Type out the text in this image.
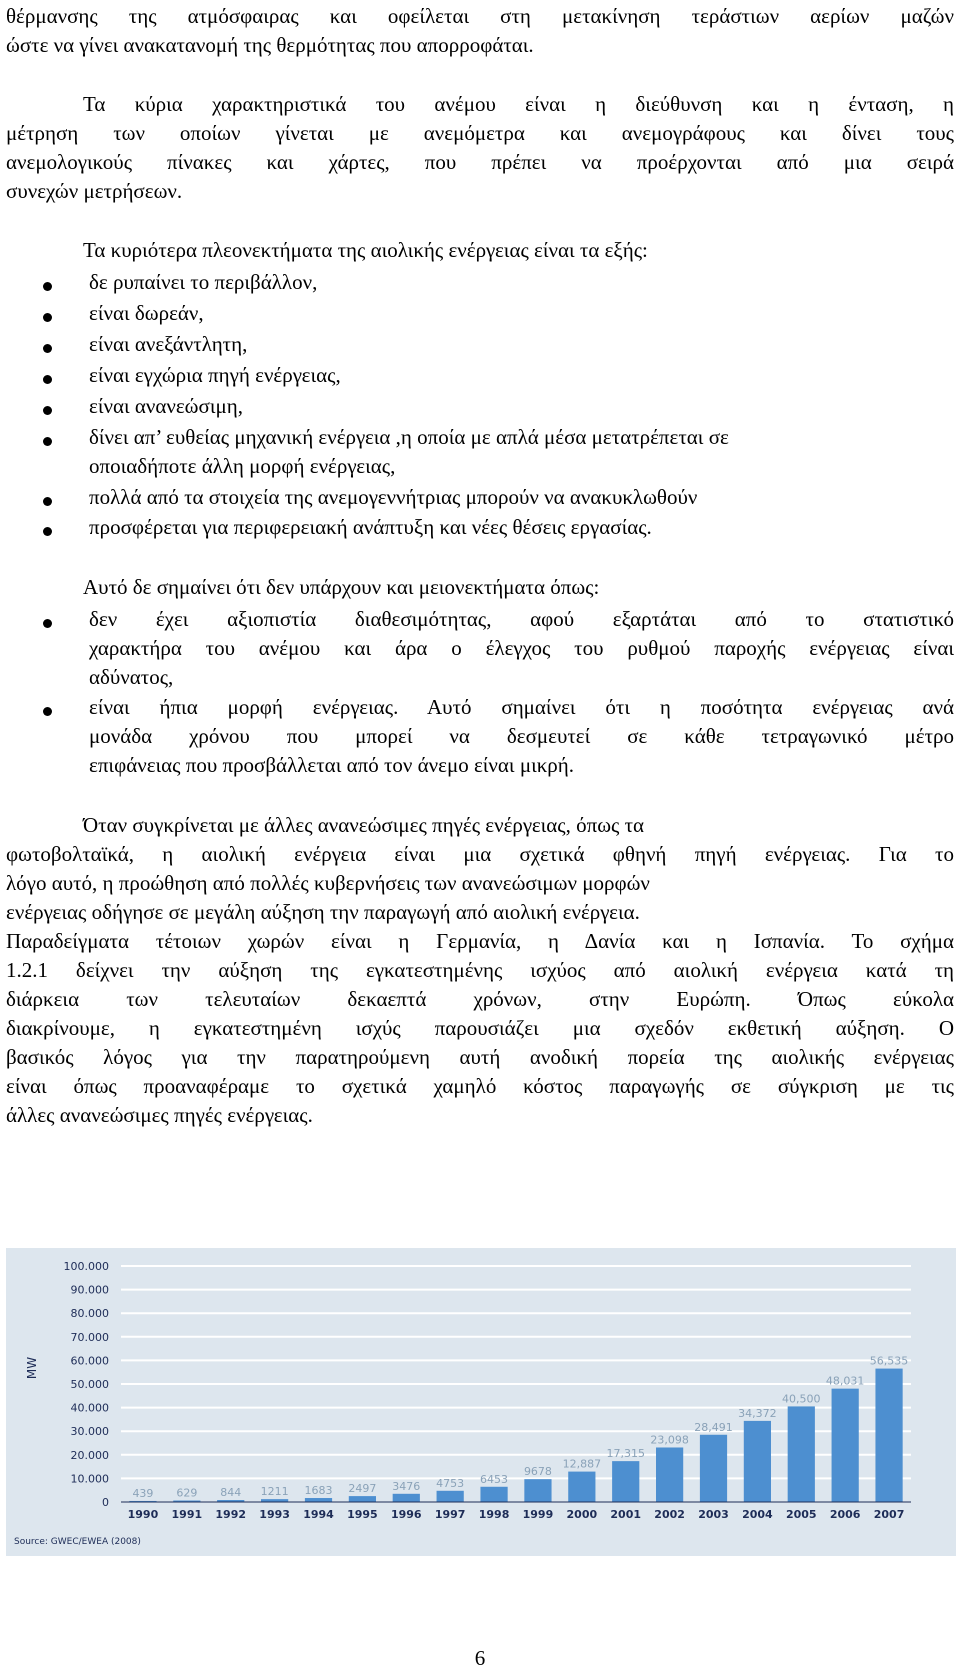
θέρμανσης της ατμόσφαιρας και οφείλεται στη μετακίνηση τεράστιων αερίων μαζών
ώστε να γίνει ανακατανομή της θερμότητας που απορροφάται.
Τα κύρια χαρακτηριστικά του ανέμου είναι η διεύθυνση και η ένταση, η
μέτρηση των οποίων γίνεται με ανεμόμετρα και ανεμογράφους και δίνει τους
ανεμολογικούς πίνακες και χάρτες, που πρέπει να προέρχονται από μια σειρά
συνεχών μετρήσεων.
Τα κυριότερα πλεονεκτήματα της αιολικής ενέργειας είναι τα εξής:
δε ρυπαίνει το περιβάλλον,
είναι δωρεάν,
είναι ανεξάντλητη,
είναι εγχώρια πηγή ενέργειας,
είναι ανανεώσιμη,
δίνει απ’ ευθείας μηχανική ενέργεια ,η οποία με απλά μέσα μετατρέπεται σε
οποιαδήποτε άλλη μορφή ενέργειας,
πολλά από τα στοιχεία της ανεμογεννήτριας μπορούν να ανακυκλωθούν
προσφέρεται για περιφερειακή ανάπτυξη και νέες θέσεις εργασίας.
Αυτό δε σημαίνει ότι δεν υπάρχουν και μειονεκτήματα όπως:
δεν έχει αξιοπιστία διαθεσιμότητας, αφού εξαρτάται από το στατιστικό
χαρακτήρα του ανέμου και άρα ο έλεγχος του ρυθμού παροχής ενέργειας είναι
αδύνατος,
είναι ήπια μορφή ενέργειας. Αυτό σημαίνει ότι η ποσότητα ενέργειας ανά
μονάδα χρόνου που μπορεί να δεσμευτεί σε κάθε τετραγωνικό μέτρο
επιφάνειας που προσβάλλεται από τον άνεμο είναι μικρή.
Όταν συγκρίνεται με άλλες ανανεώσιμες πηγές ενέργειας, όπως τα
φωτοβολταϊκά, η αιολική ενέργεια είναι μια σχετικά φθηνή πηγή ενέργειας. Για το
λόγο αυτό, η προώθηση από πολλές κυβερνήσεις των ανανεώσιμων μορφών
ενέργειας οδήγησε σε μεγάλη αύξηση την παραγωγή από αιολική ενέργεια.
Παραδείγματα τέτοιων χωρών είναι η Γερμανία, η Δανία και η Ισπανία. Το σχήμα
1.2.1 δείχνει την αύξηση της εγκατεστημένης ισχύος από αιολική ενέργεια κατά τη
διάρκεια των τελευταίων δεκαεπτά χρόνων, στην Ευρώπη. Όπως εύκολα
διακρίνουμε, η εγκατεστημένη ισχύς παρουσιάζει μια σχεδόν εκθετική αύξηση. Ο
βασικός λόγος για την παρατηρούμενη αυτή ανοδική πορεία της αιολικής ενέργειας
είναι όπως προαναφέραμε το σχετικά χαμηλό κόστος παραγωγής σε σύγκριση με τις
άλλες ανανεώσιμες πηγές ενέργειας.
0
10.000
20.000
30.000
40.000
50.000
60.000
70.000
80.000
90.000
100.000
MW
439
1990
629
1991
844
1992
1211
1993
1683
1994
2497
1995
3476
1996
4753
1997
6453
1998
9678
1999
12,887
2000
17,315
2001
23,098
2002
28,491
2003
34,372
2004
40,500
2005
48,031
2006
56,535
2007
Source: GWEC/EWEA (2008)
6
